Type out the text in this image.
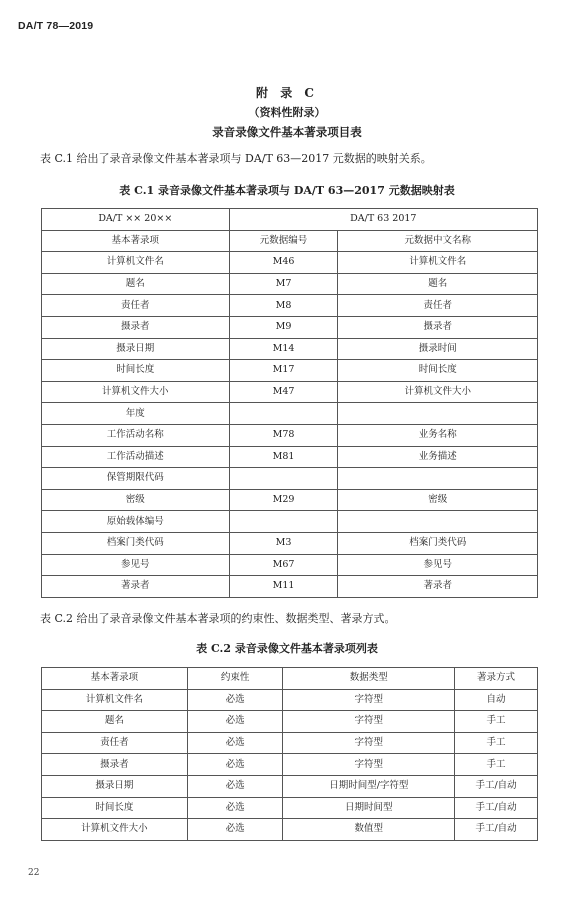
DA/T 78—2019
附 录 C
（资料性附录）
录音录像文件基本著录项目表
表 C.1 给出了录音录像文件基本著录项与 DA/T 63—2017 元数据的映射关系。
表 C.1 录音录像文件基本著录项与 DA/T 63—2017 元数据映射表
DA/T ×× 20××	DA/T 63 2017	
基本著录项	元数据编号	元数据中文名称
计算机文件名	M46	计算机文件名
题名	M7	题名
责任者	M8	责任者
摄录者	M9	摄录者
摄录日期	M14	摄录时间
时间长度	M17	时间长度
计算机文件大小	M47	计算机文件大小
年度		
工作活动名称	M78	业务名称
工作活动描述	M81	业务描述
保管期限代码		
密级	M29	密级
原始载体编号		
档案门类代码	M3	档案门类代码
参见号	M67	参见号
著录者	M11	著录者
表 C.2 给出了录音录像文件基本著录项的约束性、数据类型、著录方式。
表 C.2 录音录像文件基本著录项列表
基本著录项	约束性	数据类型	著录方式
计算机文件名	必选	字符型	自动
题名	必选	字符型	手工
责任者	必选	字符型	手工
摄录者	必选	字符型	手工
摄录日期	必选	日期时间型/字符型	手工/自动
时间长度	必选	日期时间型	手工/自动
计算机文件大小	必选	数值型	手工/自动
22
